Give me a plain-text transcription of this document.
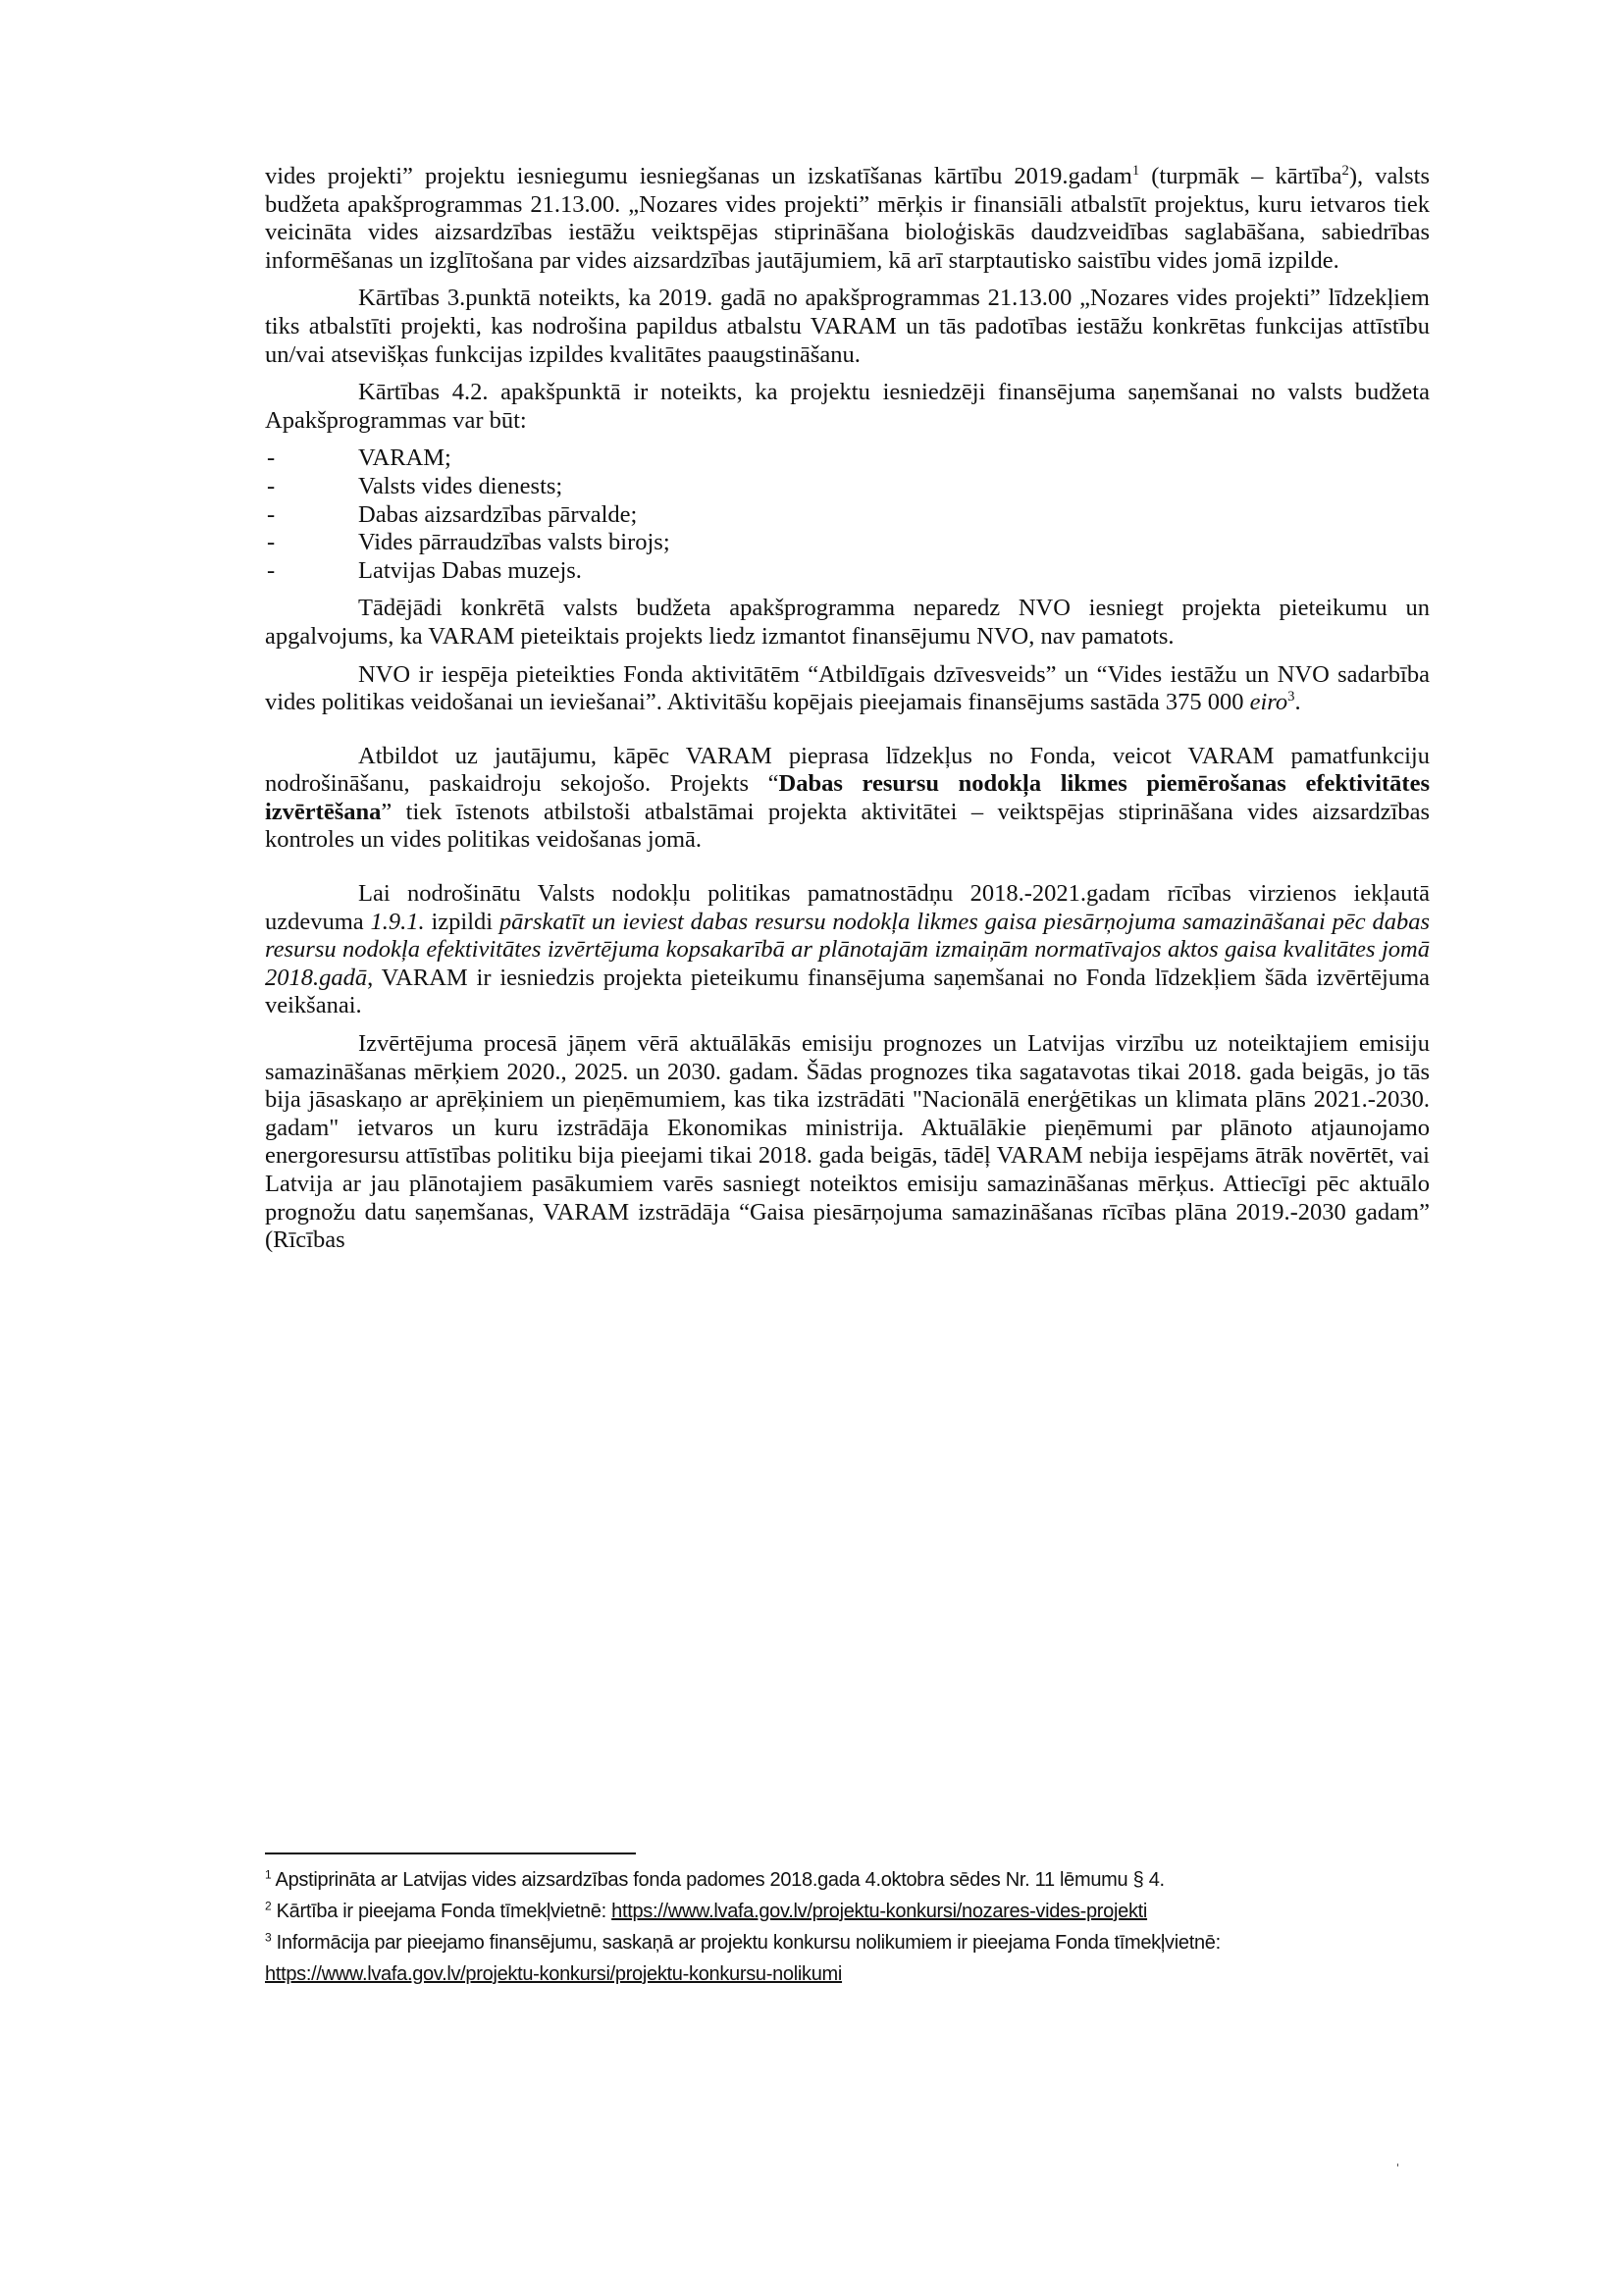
vides projekti” projektu iesniegumu iesniegšanas un izskatīšanas kārtību 2019.gadam$^1$ (turpmāk – kārtība$^2$), valsts budžeta apakšprogrammas 21.13.00. „Nozares vides projekti” mērķis ir finansiāli atbalstīt projektus, kuru ietvaros tiek veicināta vides aizsardzības iestāžu veiktspējas stiprināšana bioloģiskās daudzveidības saglabāšana, sabiedrības informēšanas un izglītošana par vides aizsardzības jautājumiem, kā arī starptautisko saistību vides jomā izpilde.

Kārtības 3.punktā noteikts, ka 2019. gadā no apakšprogrammas 21.13.00 „Nozares vides projekti” līdzekļiem tiks atbalstīti projekti, kas nodrošina papildus atbalstu VARAM un tās padotības iestāžu konkrētas funkcijas attīstību un/vai atsevišķas funkcijas izpildes kvalitātes paaugstināšanu.

Kārtības 4.2. apakšpunktā ir noteikts, ka projektu iesniedzēji finansējuma saņemšanai no valsts budžeta Apakšprogrammas var būt:

-	VARAM;
-	Valsts vides dienests;
-	Dabas aizsardzības pārvalde;
-	Vides pārraudzības valsts birojs;
-	Latvijas Dabas muzejs.

Tādējādi konkrētā valsts budžeta apakšprogramma neparedz NVO iesniegt projekta pieteikumu un apgalvojums, ka VARAM pieteiktais projekts liedz izmantot finansējumu NVO, nav pamatots.

NVO ir iespēja pieteikties Fonda aktivitātēm “Atbildīgais dzīvesveids” un “Vides iestāžu un NVO sadarbība vides politikas veidošanai un ieviešanai”. Aktivitāšu kopējais pieejamais finansējums sastāda 375 000 eiro$^3$.

Atbildot uz jautājumu, kāpēc VARAM pieprasa līdzekļus no Fonda, veicot VARAM pamatfunkciju nodrošināšanu, paskaidroju sekojošo. Projekts “Dabas resursu nodokļa likmes piemērošanas efektivitātes izvērtēšana” tiek īstenots atbilstoši atbalstāmai projekta aktivitātei – veiktspējas stiprināšana vides aizsardzības kontroles un vides politikas veidošanas jomā.

Lai nodrošinātu Valsts nodokļu politikas pamatnostādņu 2018.-2021.gadam rīcības virzienos iekļautā uzdevuma 1.9.1. izpildi pārskatīt un ieviest dabas resursu nodokļa likmes gaisa piesārņojuma samazināšanai pēc dabas resursu nodokļa efektivitātes izvērtējuma kopsakarībā ar plānotajām izmaiņām normatīvajos aktos gaisa kvalitātes jomā 2018.gadā, VARAM ir iesniedzis projekta pieteikumu finansējuma saņemšanai no Fonda līdzekļiem šāda izvērtējuma veikšanai.

Izvērtējuma procesā jāņem vērā aktuālākās emisiju prognozes un Latvijas virzību uz noteiktajiem emisiju samazināšanas mērķiem 2020., 2025. un 2030. gadam. Šādas prognozes tika sagatavotas tikai 2018. gada beigās, jo tās bija jāsaskaņo ar aprēķiniem un pieņēmumiem, kas tika izstrādāti "Nacionālā enerģētikas un klimata plāns 2021.-2030. gadam" ietvaros un kuru izstrādāja Ekonomikas ministrija. Aktuālākie pieņēmumi par plānoto atjaunojamo energoresursu attīstības politiku bija pieejami tikai 2018. gada beigās, tādēļ VARAM nebija iespējams ātrāk novērtēt, vai Latvija ar jau plānotajiem pasākumiem varēs sasniegt noteiktos emisiju samazināšanas mērķus. Attiecīgi pēc aktuālo prognožu datu saņemšanas, VARAM izstrādāja “Gaisa piesārņojuma samazināšanas rīcības plāna 2019.-2030 gadam” (Rīcības

$^1$ Apstiprināta ar Latvijas vides aizsardzības fonda padomes 2018.gada 4.oktobra sēdes Nr. 11 lēmumu § 4.

$^2$ Kārtība ir pieejama Fonda tīmekļvietnē: https://www.lvafa.gov.lv/projektu-konkursi/nozares-vides-projekti

$^3$ Informācija par pieejamo finansējumu, saskaņā ar projektu konkursu nolikumiem ir pieejama Fonda tīmekļvietnē: https://www.lvafa.gov.lv/projektu-konkursi/projektu-konkursu-nolikumi
